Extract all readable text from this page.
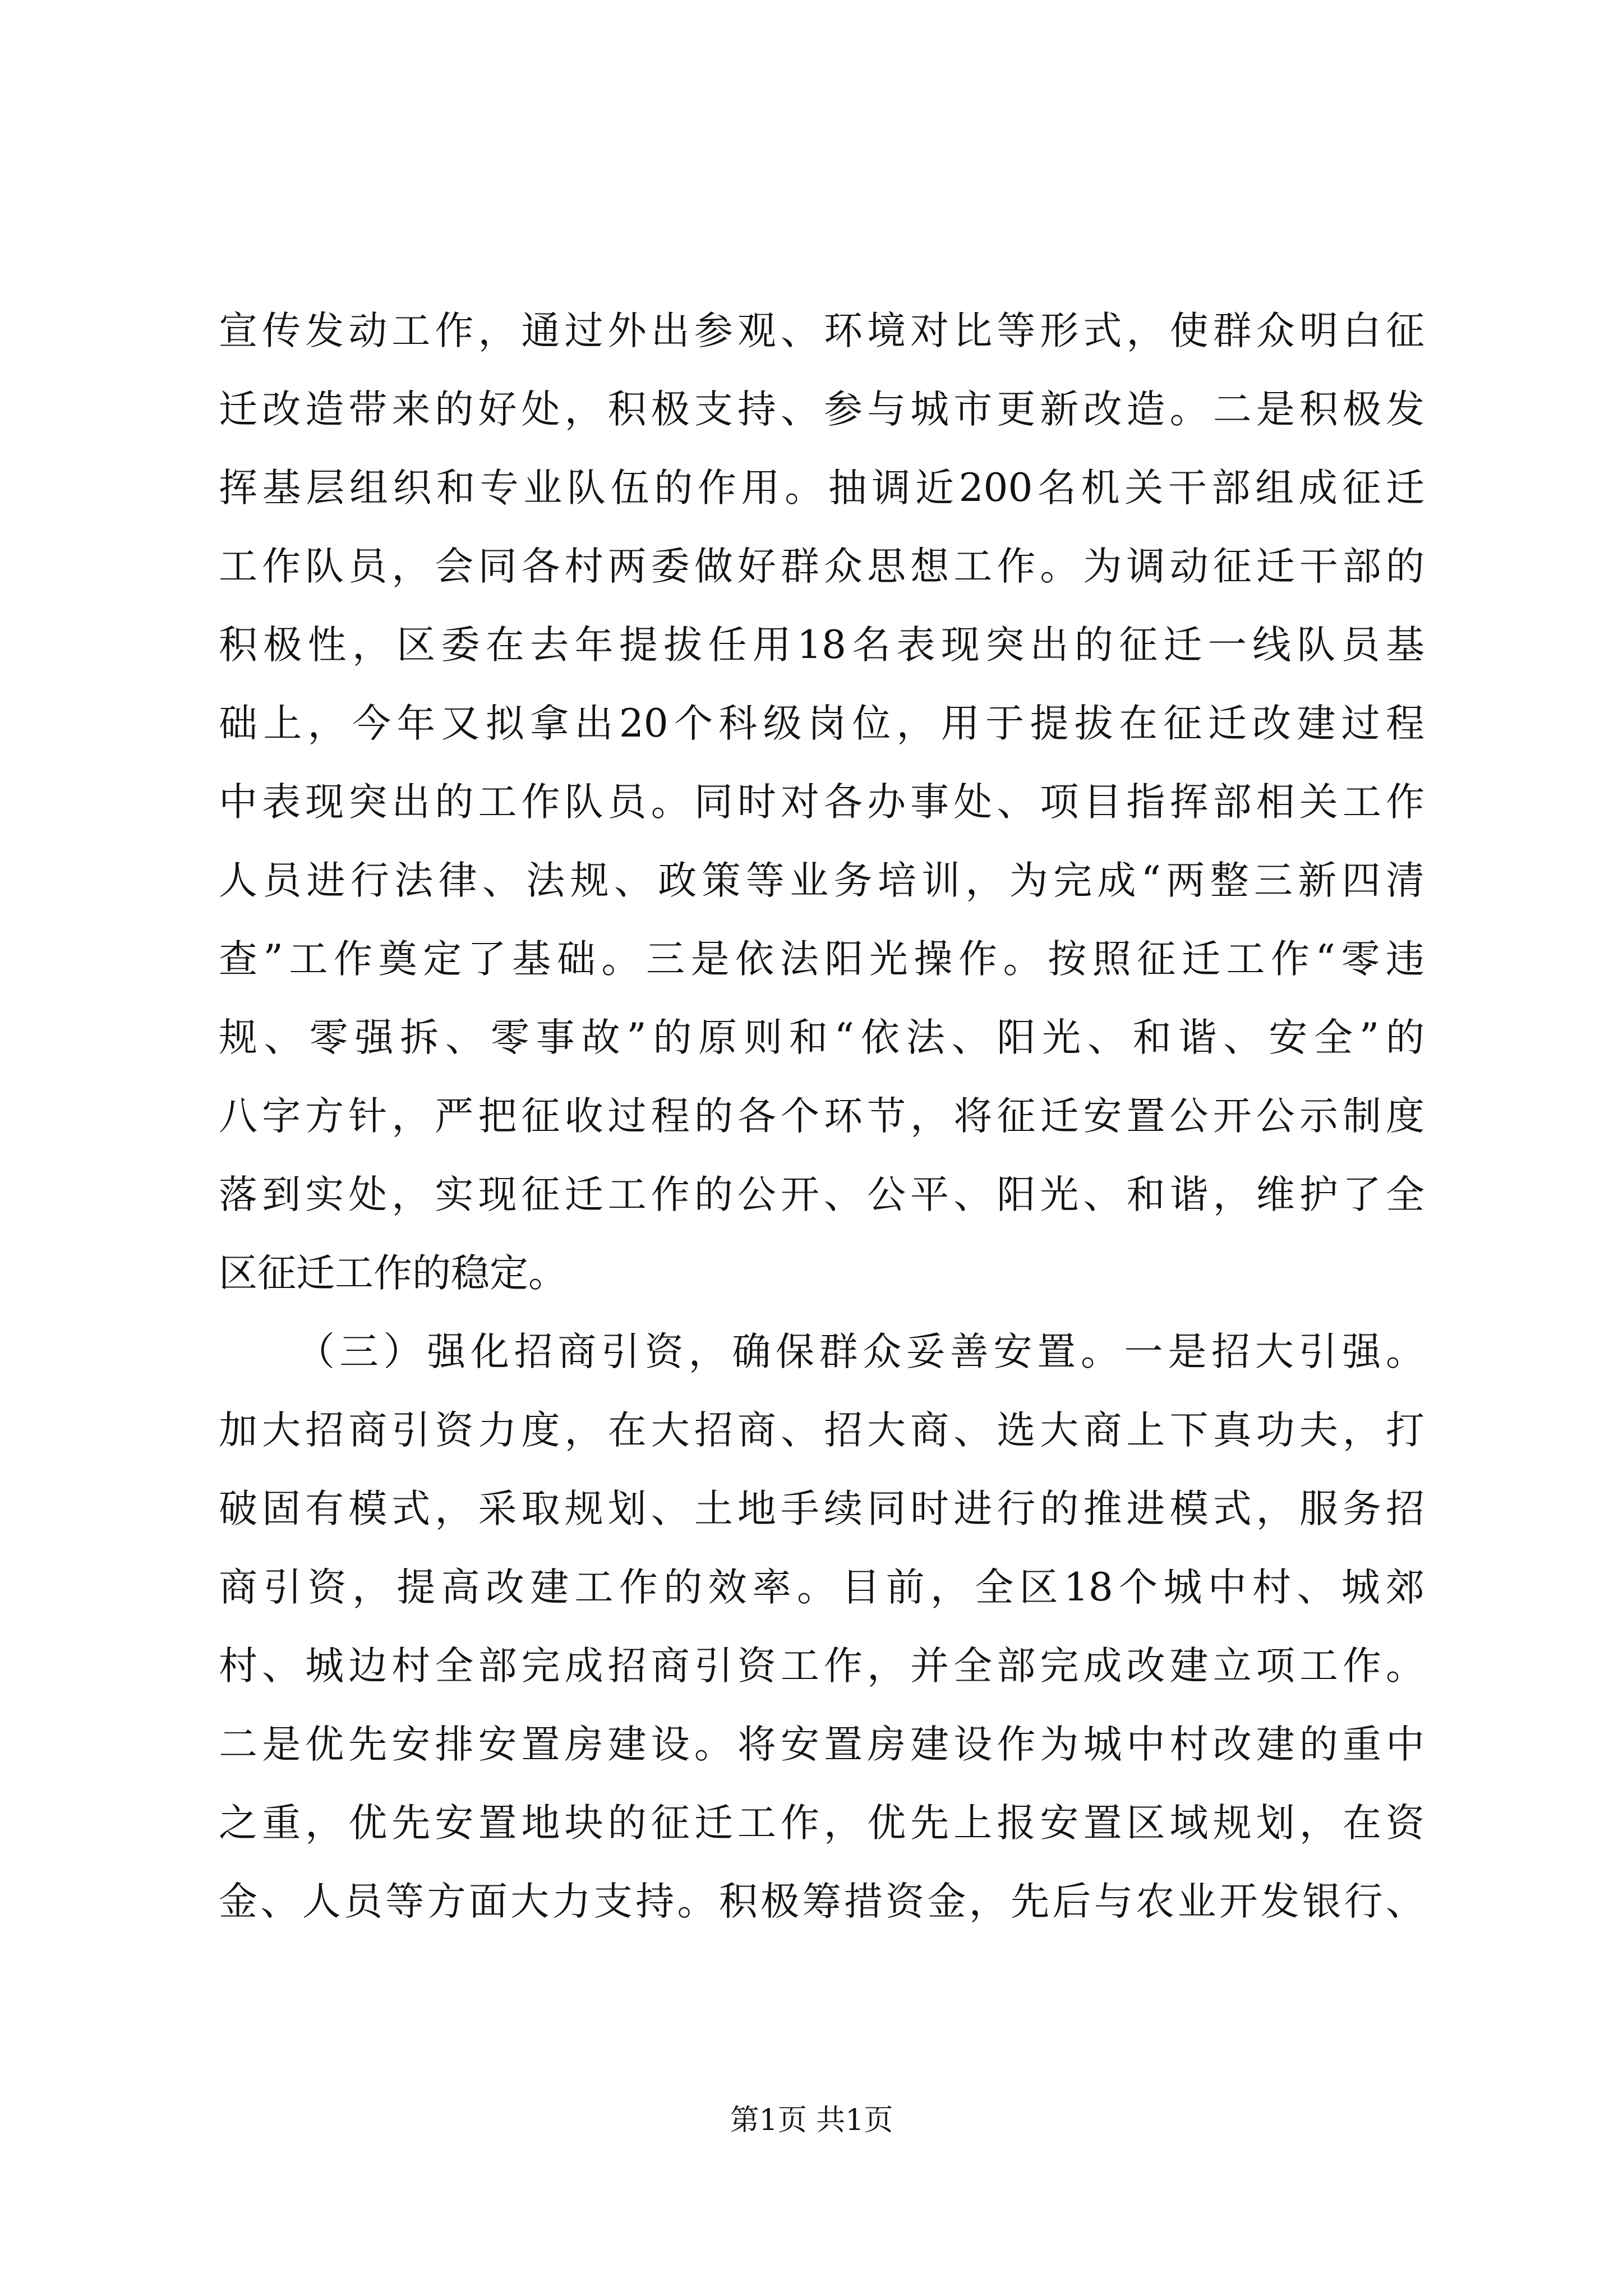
宣传发动工作，通过外出参观、环境对比等形式，使群众明白征
迁改造带来的好处，积极支持、参与城市更新改造。二是积极发
挥基层组织和专业队伍的作用。抽调近200名机关干部组成征迁
工作队员，会同各村两委做好群众思想工作。为调动征迁干部的
积极性，区委在去年提拔任用18名表现突出的征迁一线队员基
础上，今年又拟拿出20个科级岗位，用于提拔在征迁改建过程
中表现突出的工作队员。同时对各办事处、项目指挥部相关工作
人员进行法律、法规、政策等业务培训，为完成“两整三新四清
查”工作奠定了基础。三是依法阳光操作。按照征迁工作“零违
规、零强拆、零事故”的原则和“依法、阳光、和谐、安全”的
八字方针，严把征收过程的各个环节，将征迁安置公开公示制度
落到实处，实现征迁工作的公开、公平、阳光、和谐，维护了全
区征迁工作的稳定。
（三）强化招商引资，确保群众妥善安置。一是招大引强。
加大招商引资力度，在大招商、招大商、选大商上下真功夫，打
破固有模式，采取规划、土地手续同时进行的推进模式，服务招
商引资，提高改建工作的效率。目前，全区18个城中村、城郊
村、城边村全部完成招商引资工作，并全部完成改建立项工作。
二是优先安排安置房建设。将安置房建设作为城中村改建的重中
之重，优先安置地块的征迁工作，优先上报安置区域规划，在资
金、人员等方面大力支持。积极筹措资金，先后与农业开发银行、
第1页 共1页
